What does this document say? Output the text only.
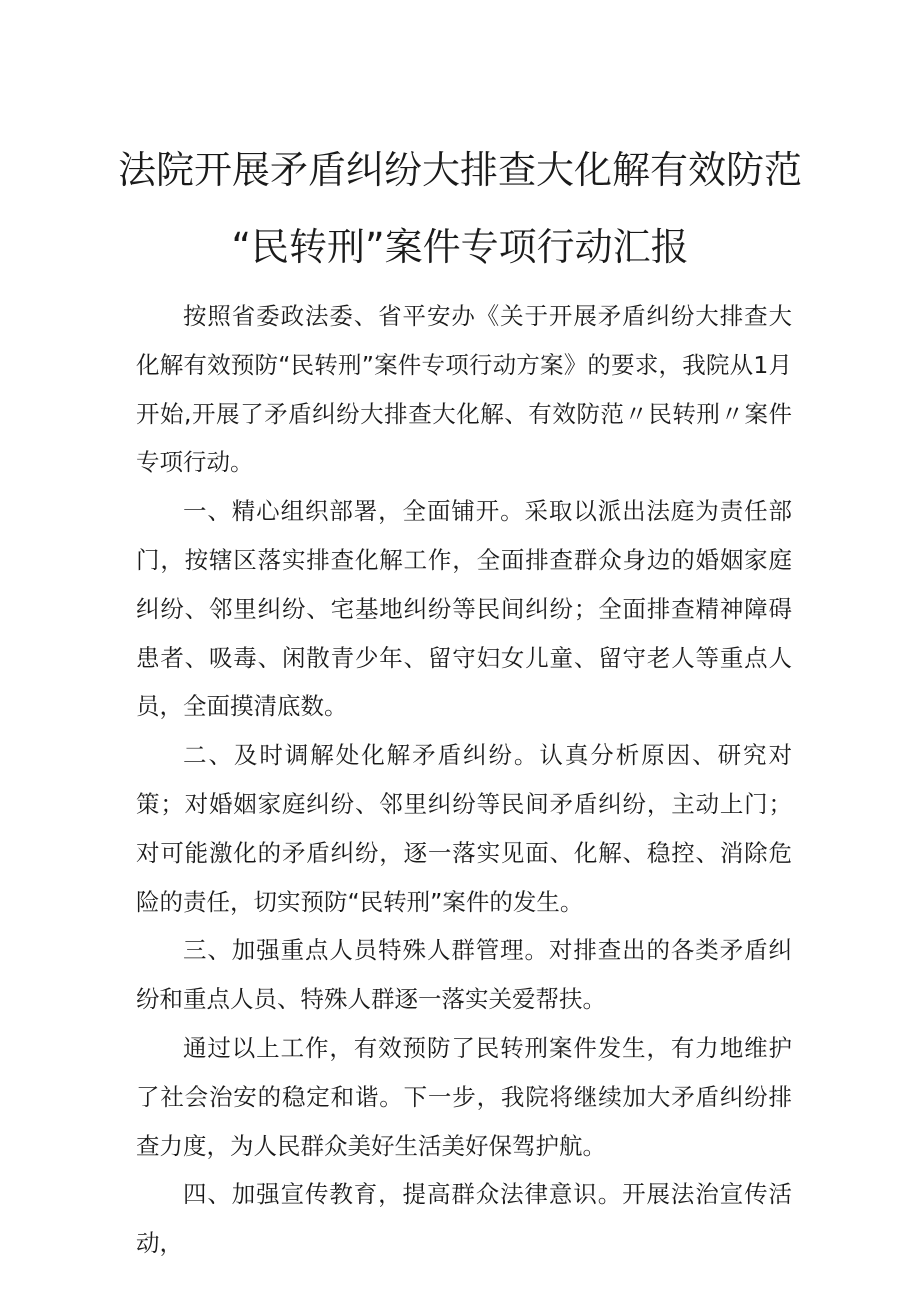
法院开展矛盾纠纷大排查大化解有效防范
“民转刑”案件专项行动汇报

按照省委政法委、省平安办《关于开展矛盾纠纷大排查大化解有效预防“民转刑”案件专项行动方案》的要求，我院从1月开始,开展了矛盾纠纷大排查大化解、有效防范〃民转刑〃案件专项行动。

一、精心组织部署，全面铺开。采取以派出法庭为责任部门，按辖区落实排查化解工作，全面排查群众身边的婚姻家庭纠纷、邻里纠纷、宅基地纠纷等民间纠纷；全面排查精神障碍患者、吸毒、闲散青少年、留守妇女儿童、留守老人等重点人员，全面摸清底数。

二、及时调解处化解矛盾纠纷。认真分析原因、研究对策；对婚姻家庭纠纷、邻里纠纷等民间矛盾纠纷，主动上门；对可能激化的矛盾纠纷，逐一落实见面、化解、稳控、消除危险的责任，切实预防“民转刑”案件的发生。

三、加强重点人员特殊人群管理。对排查出的各类矛盾纠纷和重点人员、特殊人群逐一落实关爱帮扶。

通过以上工作，有效预防了民转刑案件发生，有力地维护了社会治安的稳定和谐。下一步，我院将继续加大矛盾纠纷排查力度，为人民群众美好生活美好保驾护航。

四、加强宣传教育，提高群众法律意识。开展法治宣传活动，
